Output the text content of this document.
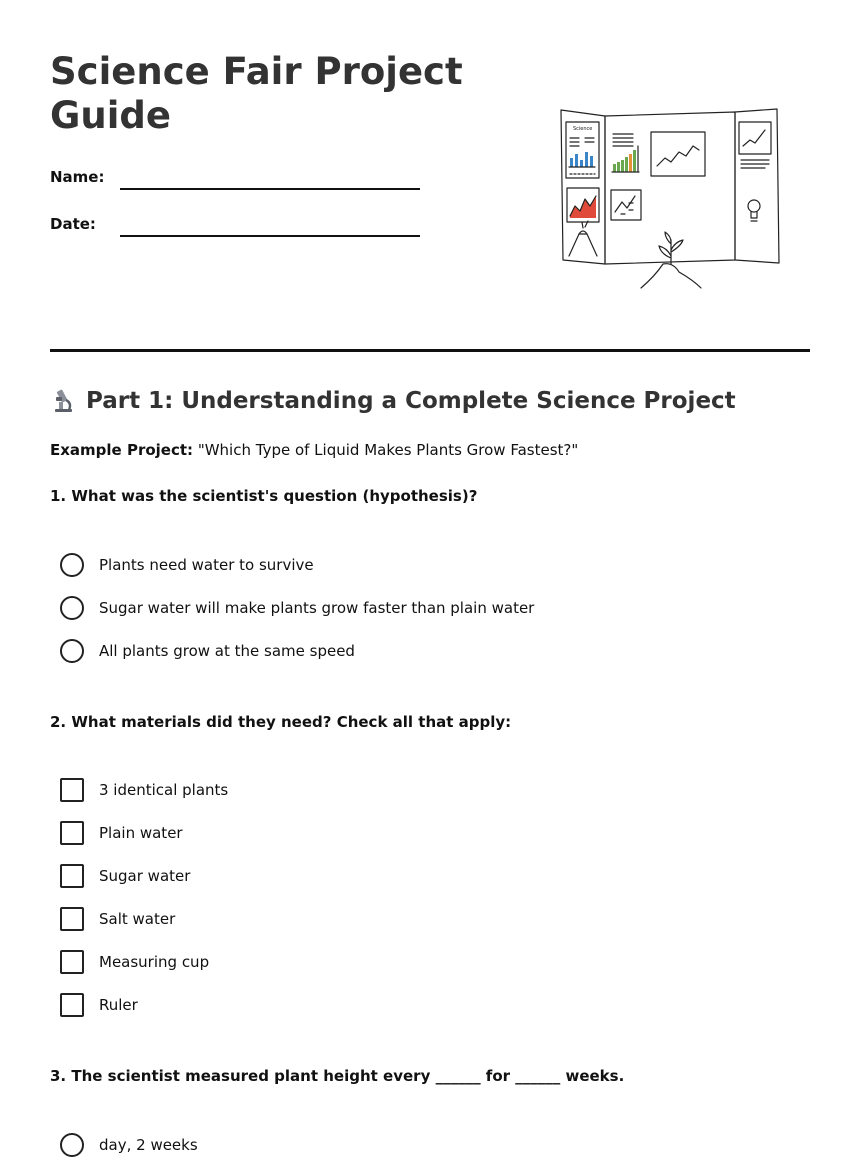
Science Fair Project Guide
Name:
Date:
Science
Part 1: Understanding a Complete Science Project
Example Project: "Which Type of Liquid Makes Plants Grow Fastest?"

1. What was the scientist's question (hypothesis)?

Plants need water to survive
Sugar water will make plants grow faster than plain water
All plants grow at the same speed

2. What materials did they need? Check all that apply:

3 identical plants
Plain water
Sugar water
Salt water
Measuring cup
Ruler

3. The scientist measured plant height every ______ for ______ weeks.

day, 2 weeks
